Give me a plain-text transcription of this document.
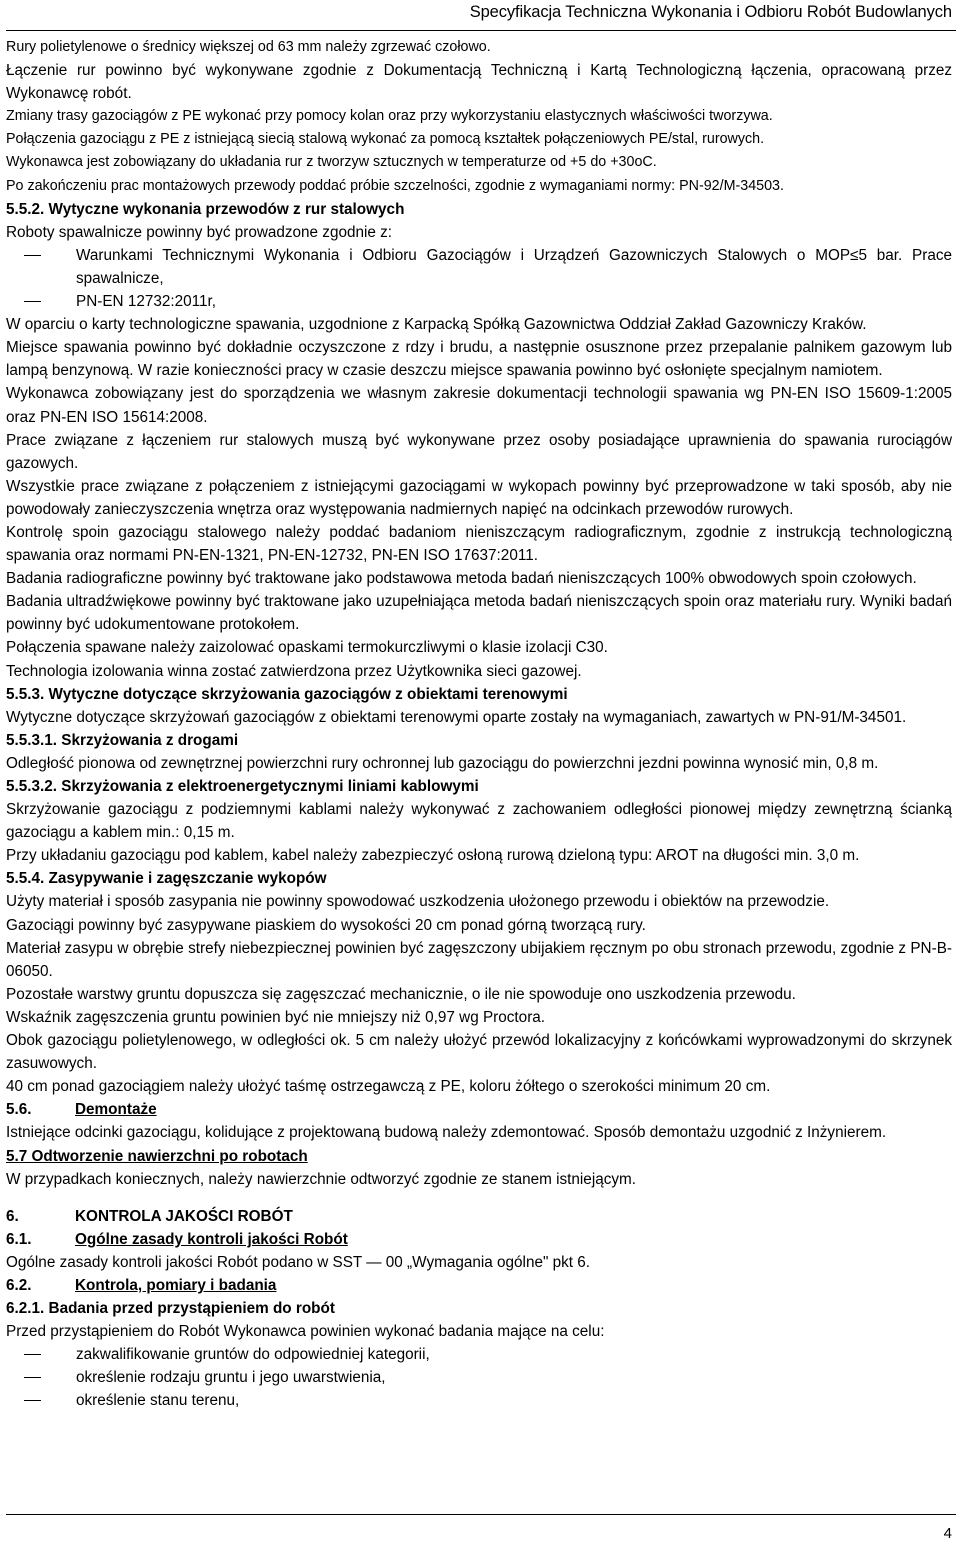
Specyfikacja Techniczna Wykonania i Odbioru Robót Budowlanych

Rury polietylenowe o średnicy większej od 63 mm należy zgrzewać czołowo.

Łączenie rur powinno być wykonywane zgodnie z Dokumentacją Techniczną i Kartą Technologiczną łączenia, opracowaną przez Wykonawcę robót.

Zmiany trasy gazociągów z PE wykonać przy pomocy kolan oraz przy wykorzystaniu elastycznych właściwości tworzywa.

Połączenia gazociągu z PE z istniejącą siecią stalową wykonać za pomocą kształtek połączeniowych PE/stal, rurowych.

Wykonawca jest zobowiązany do układania rur z tworzyw sztucznych w temperaturze od +5 do +30oC.

Po zakończeniu prac montażowych przewody poddać próbie szczelności, zgodnie z wymaganiami normy: PN-92/M-34503.

5.5.2. Wytyczne wykonania przewodów z rur stalowych

Roboty spawalnicze powinny być prowadzone zgodnie z:

Warunkami Technicznymi Wykonania i Odbioru Gazociągów i Urządzeń Gazowniczych Stalowych o MOP≤5 bar. Prace spawalnicze,

PN-EN 12732:2011r,

W oparciu o karty technologiczne spawania, uzgodnione z Karpacką Spółką Gazownictwa Oddział Zakład Gazowniczy Kraków.

Miejsce spawania powinno być dokładnie oczyszczone z rdzy i brudu, a następnie osusznone przez przepalanie palnikem gazowym lub lampą benzynową. W razie konieczności pracy w czasie deszczu miejsce spawania powinno być osłonięte specjalnym namiotem.

Wykonawca zobowiązany jest do sporządzenia we własnym zakresie dokumentacji technologii spawania wg PN-EN ISO 15609-1:2005 oraz PN-EN ISO 15614:2008.

Prace związane z łączeniem rur stalowych muszą być wykonywane przez osoby posiadające uprawnienia do spawania rurociągów gazowych.

Wszystkie prace związane z połączeniem z istniejącymi gazociągami w wykopach powinny być przeprowadzone w taki sposób, aby nie powodowały zanieczyszczenia wnętrza oraz występowania nadmiernych napięć na odcinkach przewodów rurowych.

Kontrolę spoin gazociągu stalowego należy poddać badaniom nieniszczącym radiograficznym, zgodnie z instrukcją technologiczną spawania oraz normami PN-EN-1321, PN-EN-12732, PN-EN ISO 17637:2011.

Badania radiograficzne powinny być traktowane jako podstawowa metoda badań nieniszczących 100% obwodowych spoin czołowych.

Badania ultradźwiękowe powinny być traktowane jako uzupełniająca metoda badań nieniszczących spoin oraz materiału rury. Wyniki badań powinny być udokumentowane protokołem.

Połączenia spawane należy zaizolować opaskami termokurczliwymi o klasie izolacji C30.

Technologia izolowania winna zostać zatwierdzona przez Użytkownika sieci gazowej.

5.5.3. Wytyczne dotyczące skrzyżowania gazociągów z obiektami terenowymi

Wytyczne dotyczące skrzyżowań gazociągów z obiektami terenowymi oparte zostały na wymaganiach, zawartych w PN-91/M-34501.

5.5.3.1. Skrzyżowania z drogami

Odległość pionowa od zewnętrznej powierzchni rury ochronnej lub gazociągu do powierzchni jezdni powinna wynosić min, 0,8 m.

5.5.3.2. Skrzyżowania z elektroenergetycznymi liniami kablowymi

Skrzyżowanie gazociągu z podziemnymi kablami należy wykonywać z zachowaniem odległości pionowej między zewnętrzną ścianką gazociągu a kablem min.: 0,15 m.

Przy układaniu gazociągu pod kablem, kabel należy zabezpieczyć osłoną rurową dzieloną typu: AROT na długości min. 3,0 m.

5.5.4. Zasypywanie i zagęszczanie wykopów

Użyty materiał i sposób zasypania nie powinny spowodować uszkodzenia ułożonego przewodu i obiektów na przewodzie.

Gazociągi powinny być zasypywane piaskiem do wysokości 20 cm ponad górną tworzącą rury.

Materiał zasypu w obrębie strefy niebezpiecznej powinien być zagęszczony ubijakiem ręcznym po obu stronach przewodu, zgodnie z PN-B-06050.

Pozostałe warstwy gruntu dopuszcza się zagęszczać mechanicznie, o ile nie spowoduje ono uszkodzenia przewodu.

Wskaźnik zagęszczenia gruntu powinien być nie mniejszy niż 0,97 wg Proctora.

Obok gazociągu polietylenowego, w odległości ok. 5 cm należy ułożyć przewód lokalizacyjny z końcówkami wyprowadzonymi do skrzynek zasuwowych.

40 cm ponad gazociągiem należy ułożyć taśmę ostrzegawczą z PE, koloru żółtego o szerokości minimum 20 cm.

5.6.	Demontaże

Istniejące odcinki gazociągu, kolidujące z projektowaną budową należy zdemontować. Sposób demontażu uzgodnić z Inżynierem.

5.7 Odtworzenie nawierzchni po robotach

W przypadkach koniecznych, należy nawierzchnie odtworzyć zgodnie ze stanem istniejącym.

6.	KONTROLA JAKOŚCI ROBÓT

6.1.	Ogólne zasady kontroli jakości Robót

Ogólne zasady kontroli jakości Robót podano w SST — 00 „Wymagania ogólne" pkt 6.

6.2.	Kontrola, pomiary i badania

6.2.1. Badania przed przystąpieniem do robót

Przed przystąpieniem do Robót Wykonawca powinien wykonać badania mające na celu:

zakwalifikowanie gruntów do odpowiedniej kategorii,

określenie rodzaju gruntu i jego uwarstwienia,

określenie stanu terenu,

4
